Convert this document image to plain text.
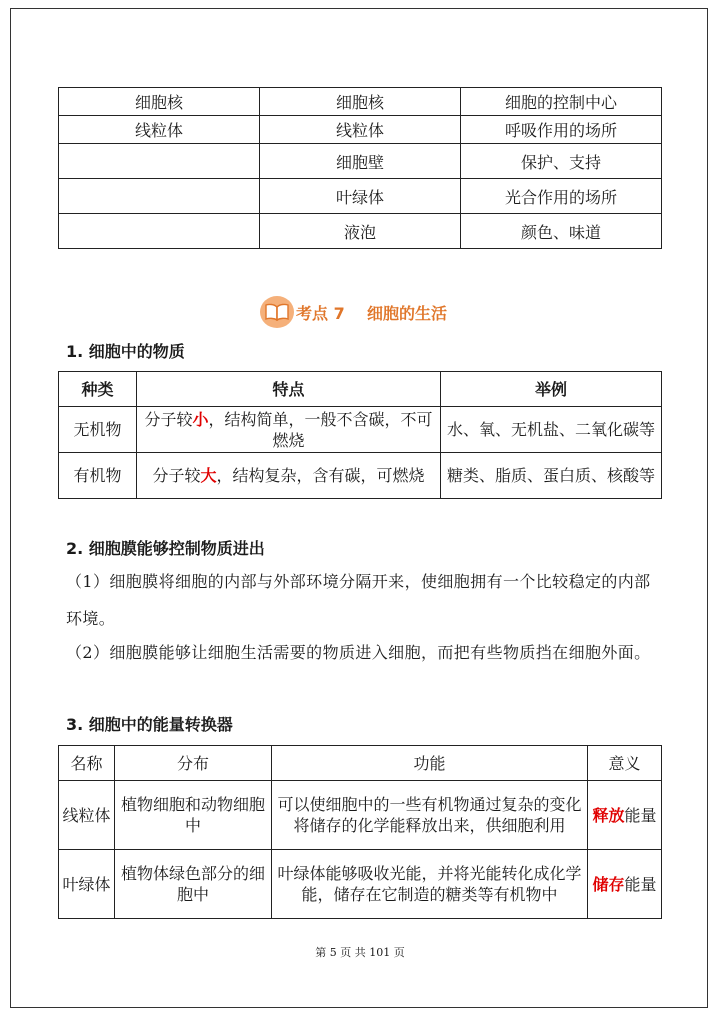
细胞核	细胞核	细胞的控制中心
线粒体	线粒体	呼吸作用的场所
	细胞壁	保护、支持
	叶绿体	光合作用的场所
	液泡	颜色、味道
考点 7    细胞的生活
1. 细胞中的物质
种类	特点	举例
无机物	分子较小，结构简单，一般不含碳，不可燃烧	水、氧、无机盐、二氧化碳等
有机物	分子较大，结构复杂，含有碳，可燃烧	糖类、脂质、蛋白质、核酸等
2. 细胞膜能够控制物质进出
（1）细胞膜将细胞的内部与外部环境分隔开来，使细胞拥有一个比较稳定的内部环境。
（2）细胞膜能够让细胞生活需要的物质进入细胞，而把有些物质挡在细胞外面。
3. 细胞中的能量转换器
名称	分布	功能	意义
线粒体	植物细胞和动物细胞中	可以使细胞中的一些有机物通过复杂的变化将储存的化学能释放出来，供细胞利用	释放能量
叶绿体	植物体绿色部分的细胞中	叶绿体能够吸收光能，并将光能转化成化学能，储存在它制造的糖类等有机物中	储存能量
第 5 页 共 101 页
